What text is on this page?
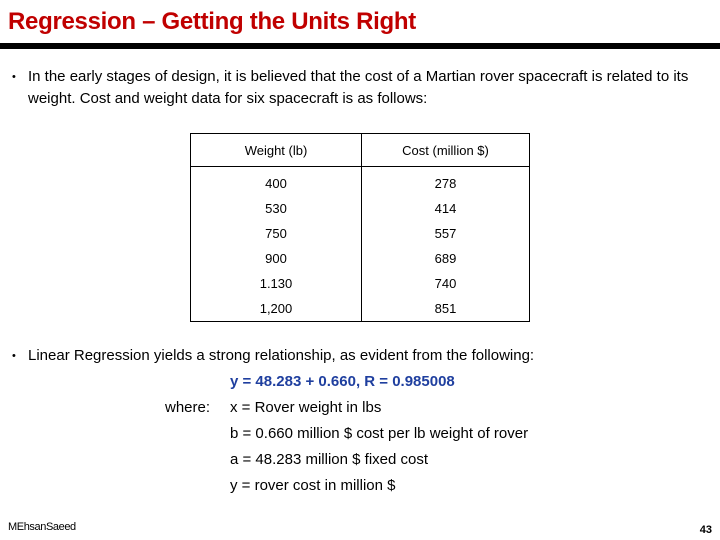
Regression – Getting the Units Right
• In the early stages of design, it is believed that the cost of a Martian rover spacecraft is related to its weight. Cost and weight data for six spacecraft is as follows:
Weight (lb)	Cost (million $)

400	278
530	414
750	557
900	689
1.130	740
1,200	851
• Linear Regression yields a strong relationship, as evident from the following:
y = 48.283 + 0.660, R = 0.985008
where: x = Rover weight in lbs
b = 0.660 million $ cost per lb weight of rover
a = 48.283 million $ fixed cost
y = rover cost in million $
MEhsanSaeed	43
